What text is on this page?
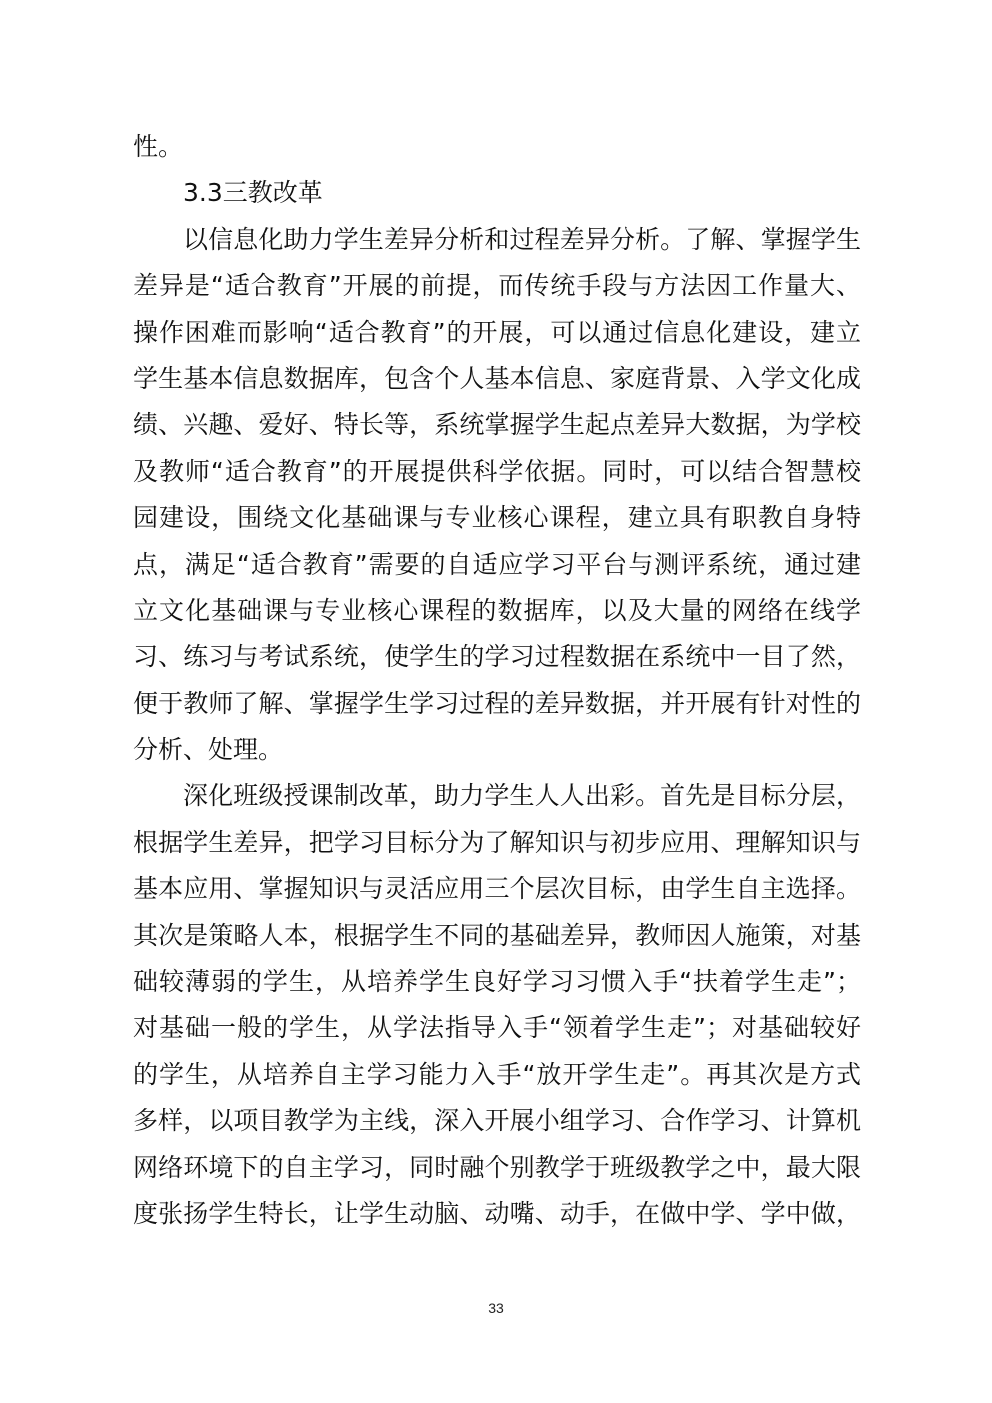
性。
3.3三教改革
以信息化助力学生差异分析和过程差异分析。了解、掌握学生
差异是“适合教育”开展的前提，而传统手段与方法因工作量大、
操作困难而影响“适合教育”的开展，可以通过信息化建设，建立
学生基本信息数据库，包含个人基本信息、家庭背景、入学文化成
绩、兴趣、爱好、特长等，系统掌握学生起点差异大数据，为学校
及教师“适合教育”的开展提供科学依据。同时，可以结合智慧校
园建设，围绕文化基础课与专业核心课程，建立具有职教自身特
点，满足“适合教育”需要的自适应学习平台与测评系统，通过建
立文化基础课与专业核心课程的数据库，以及大量的网络在线学
习、练习与考试系统，使学生的学习过程数据在系统中一目了然，
便于教师了解、掌握学生学习过程的差异数据，并开展有针对性的
分析、处理。
深化班级授课制改革，助力学生人人出彩。首先是目标分层，
根据学生差异，把学习目标分为了解知识与初步应用、理解知识与
基本应用、掌握知识与灵活应用三个层次目标，由学生自主选择。
其次是策略人本，根据学生不同的基础差异，教师因人施策，对基
础较薄弱的学生，从培养学生良好学习习惯入手“扶着学生走”；
对基础一般的学生，从学法指导入手“领着学生走”；对基础较好
的学生，从培养自主学习能力入手“放开学生走”。再其次是方式
多样，以项目教学为主线，深入开展小组学习、合作学习、计算机
网络环境下的自主学习，同时融个别教学于班级教学之中，最大限
度张扬学生特长，让学生动脑、动嘴、动手，在做中学、学中做，
33
